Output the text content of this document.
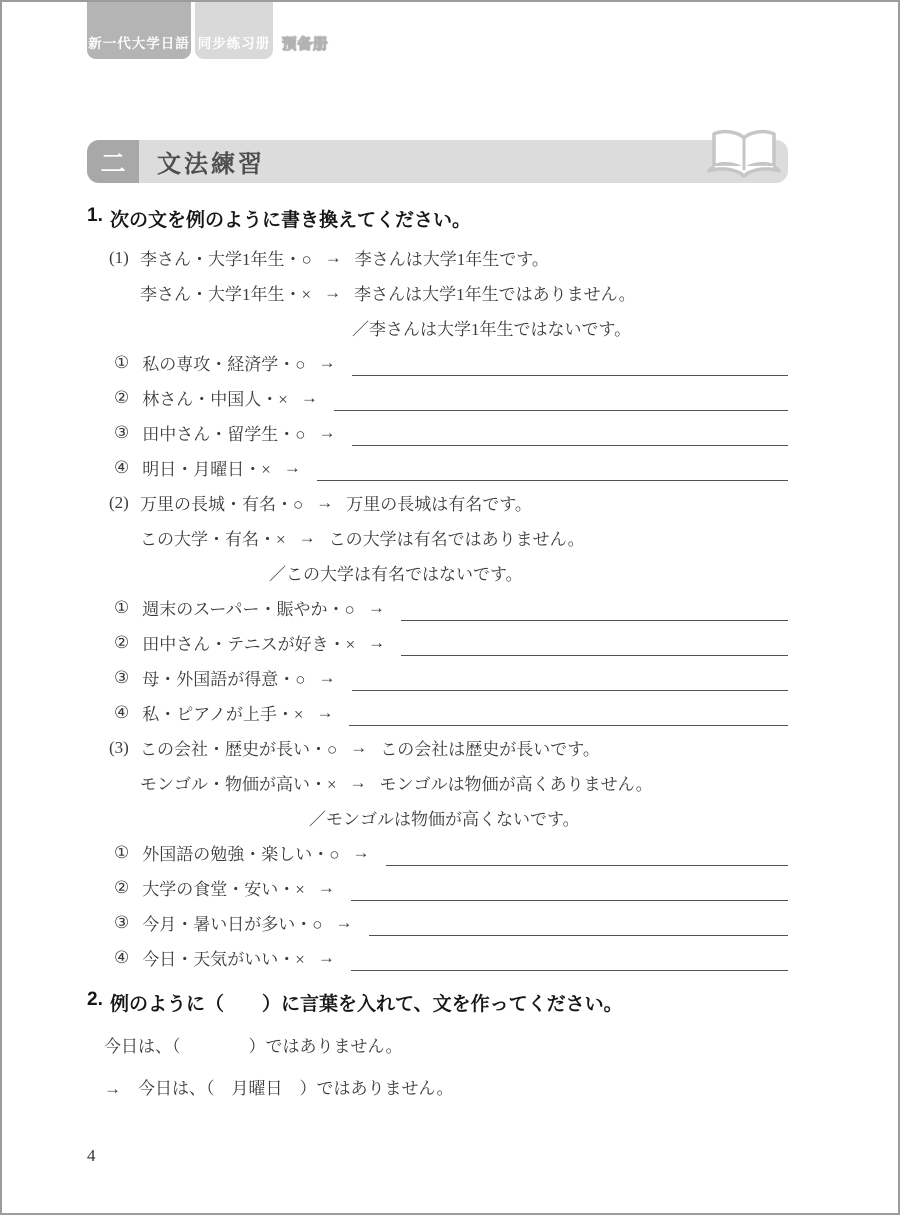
新一代大学日語 同步练习册 预备册
二	文法練習
1. 次の文を例のように書き換えてください。
(1) 李さん・大学1年生・○ → 李さんは大学1年生です。
李さん・大学1年生・× → 李さんは大学1年生ではありません。
／李さんは大学1年生ではないです。
① 私の専攻・経済学・○ →
② 林さん・中国人・× →
③ 田中さん・留学生・○ →
④ 明日・月曜日・× →
(2) 万里の長城・有名・○ → 万里の長城は有名です。
この大学・有名・× → この大学は有名ではありません。
／この大学は有名ではないです。
① 週末のスーパー・賑やか・○ →
② 田中さん・テニスが好き・× →
③ 母・外国語が得意・○ →
④ 私・ピアノが上手・× →
(3) この会社・歴史が長い・○ → この会社は歴史が長いです。
モンゴル・物価が高い・× → モンゴルは物価が高くありません。
／モンゴルは物価が高くないです。
① 外国語の勉強・楽しい・○ →
② 大学の食堂・安い・× →
③ 今月・暑い日が多い・○ →
④ 今日・天気がいい・× →
2. 例のように（　　）に言葉を入れて、文を作ってください。
今日は、（　　　　）ではありません。
→　今日は、（　月曜日　）ではありません。
4
